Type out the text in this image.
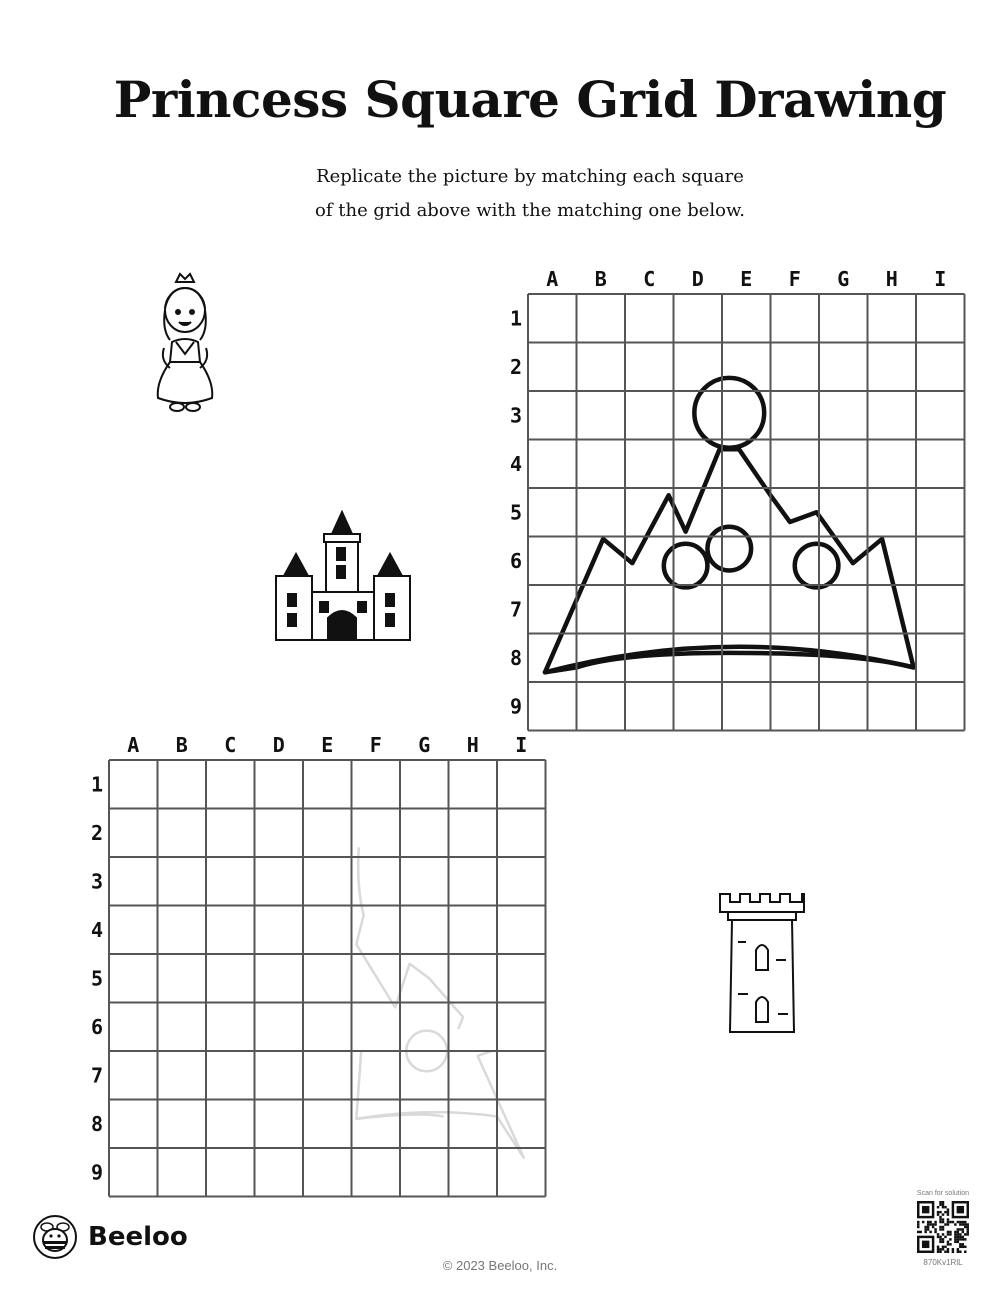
Princess Square Grid Drawing
Replicate the picture by matching each square
of the grid above with the matching one below.
A B C D E F G H I
1
2
3
4
5
6
7
8
9
A B C D E F G H I
1
2
3
4
5
6
7
8
9
Beeloo
© 2023 Beeloo, Inc.
Scan for solution
870Kv1RlL
